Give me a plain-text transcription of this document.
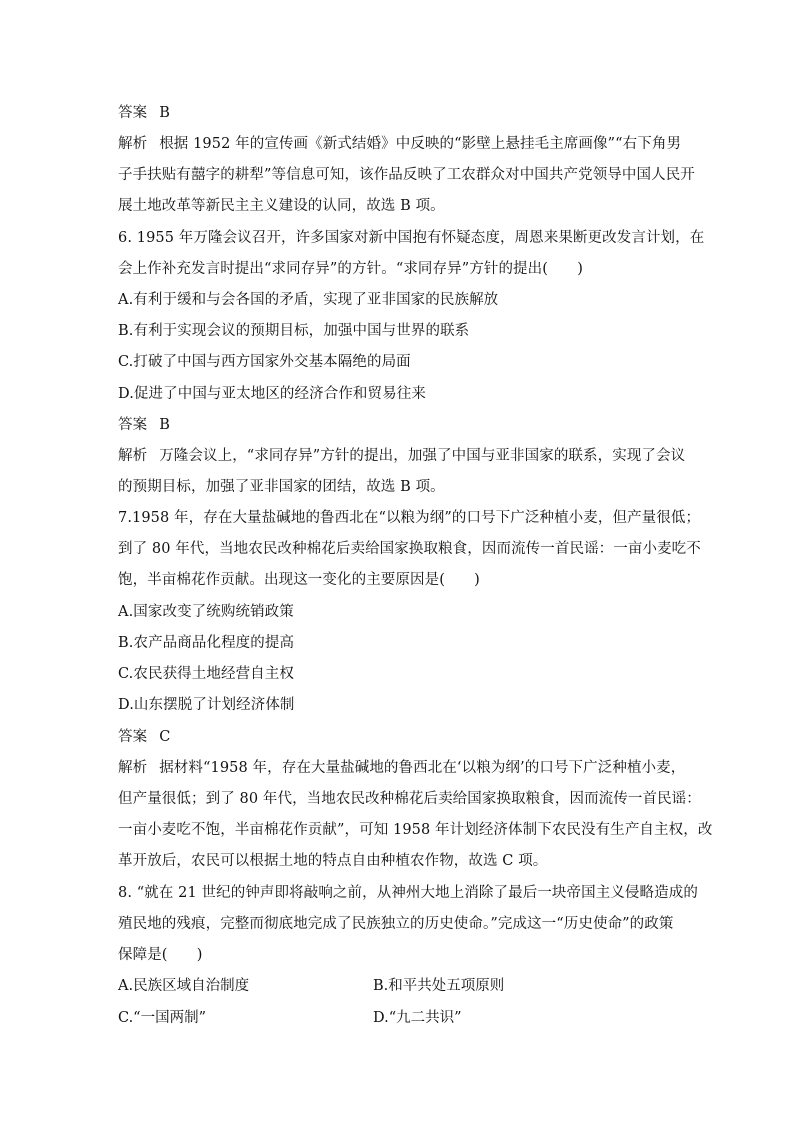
答案 B
解析 根据 1952 年的宣传画《新式结婚》中反映的“影壁上悬挂毛主席画像”“右下角男
子手扶贴有囍字的耕犁”等信息可知，该作品反映了工农群众对中国共产党领导中国人民开
展土地改革等新民主主义建设的认同，故选 B 项。
6. 1955 年万隆会议召开，许多国家对新中国抱有怀疑态度，周恩来果断更改发言计划，在
会上作补充发言时提出“求同存异”的方针。“求同存异”方针的提出(　　)
A.有利于缓和与会各国的矛盾，实现了亚非国家的民族解放
B.有利于实现会议的预期目标，加强中国与世界的联系
C.打破了中国与西方国家外交基本隔绝的局面
D.促进了中国与亚太地区的经济合作和贸易往来
答案 B
解析 万隆会议上，“求同存异”方针的提出，加强了中国与亚非国家的联系，实现了会议
的预期目标，加强了亚非国家的团结，故选 B 项。
7.1958 年，存在大量盐碱地的鲁西北在“以粮为纲”的口号下广泛种植小麦，但产量很低；
到了 80 年代，当地农民改种棉花后卖给国家换取粮食，因而流传一首民谣：一亩小麦吃不
饱，半亩棉花作贡献。出现这一变化的主要原因是(　　)
A.国家改变了统购统销政策
B.农产品商品化程度的提高
C.农民获得土地经营自主权
D.山东摆脱了计划经济体制
答案 C
解析 据材料“1958 年，存在大量盐碱地的鲁西北在‘以粮为纲’的口号下广泛种植小麦，
但产量很低；到了 80 年代，当地农民改种棉花后卖给国家换取粮食，因而流传一首民谣：
一亩小麦吃不饱，半亩棉花作贡献”，可知 1958 年计划经济体制下农民没有生产自主权，改
革开放后，农民可以根据土地的特点自由种植农作物，故选 C 项。
8. “就在 21 世纪的钟声即将敲响之前，从神州大地上消除了最后一块帝国主义侵略造成的
殖民地的残痕，完整而彻底地完成了民族独立的历史使命。”完成这一“历史使命”的政策
保障是(　　)
A.民族区域自治制度	B.和平共处五项原则
C.“一国两制”	D.“九二共识”
